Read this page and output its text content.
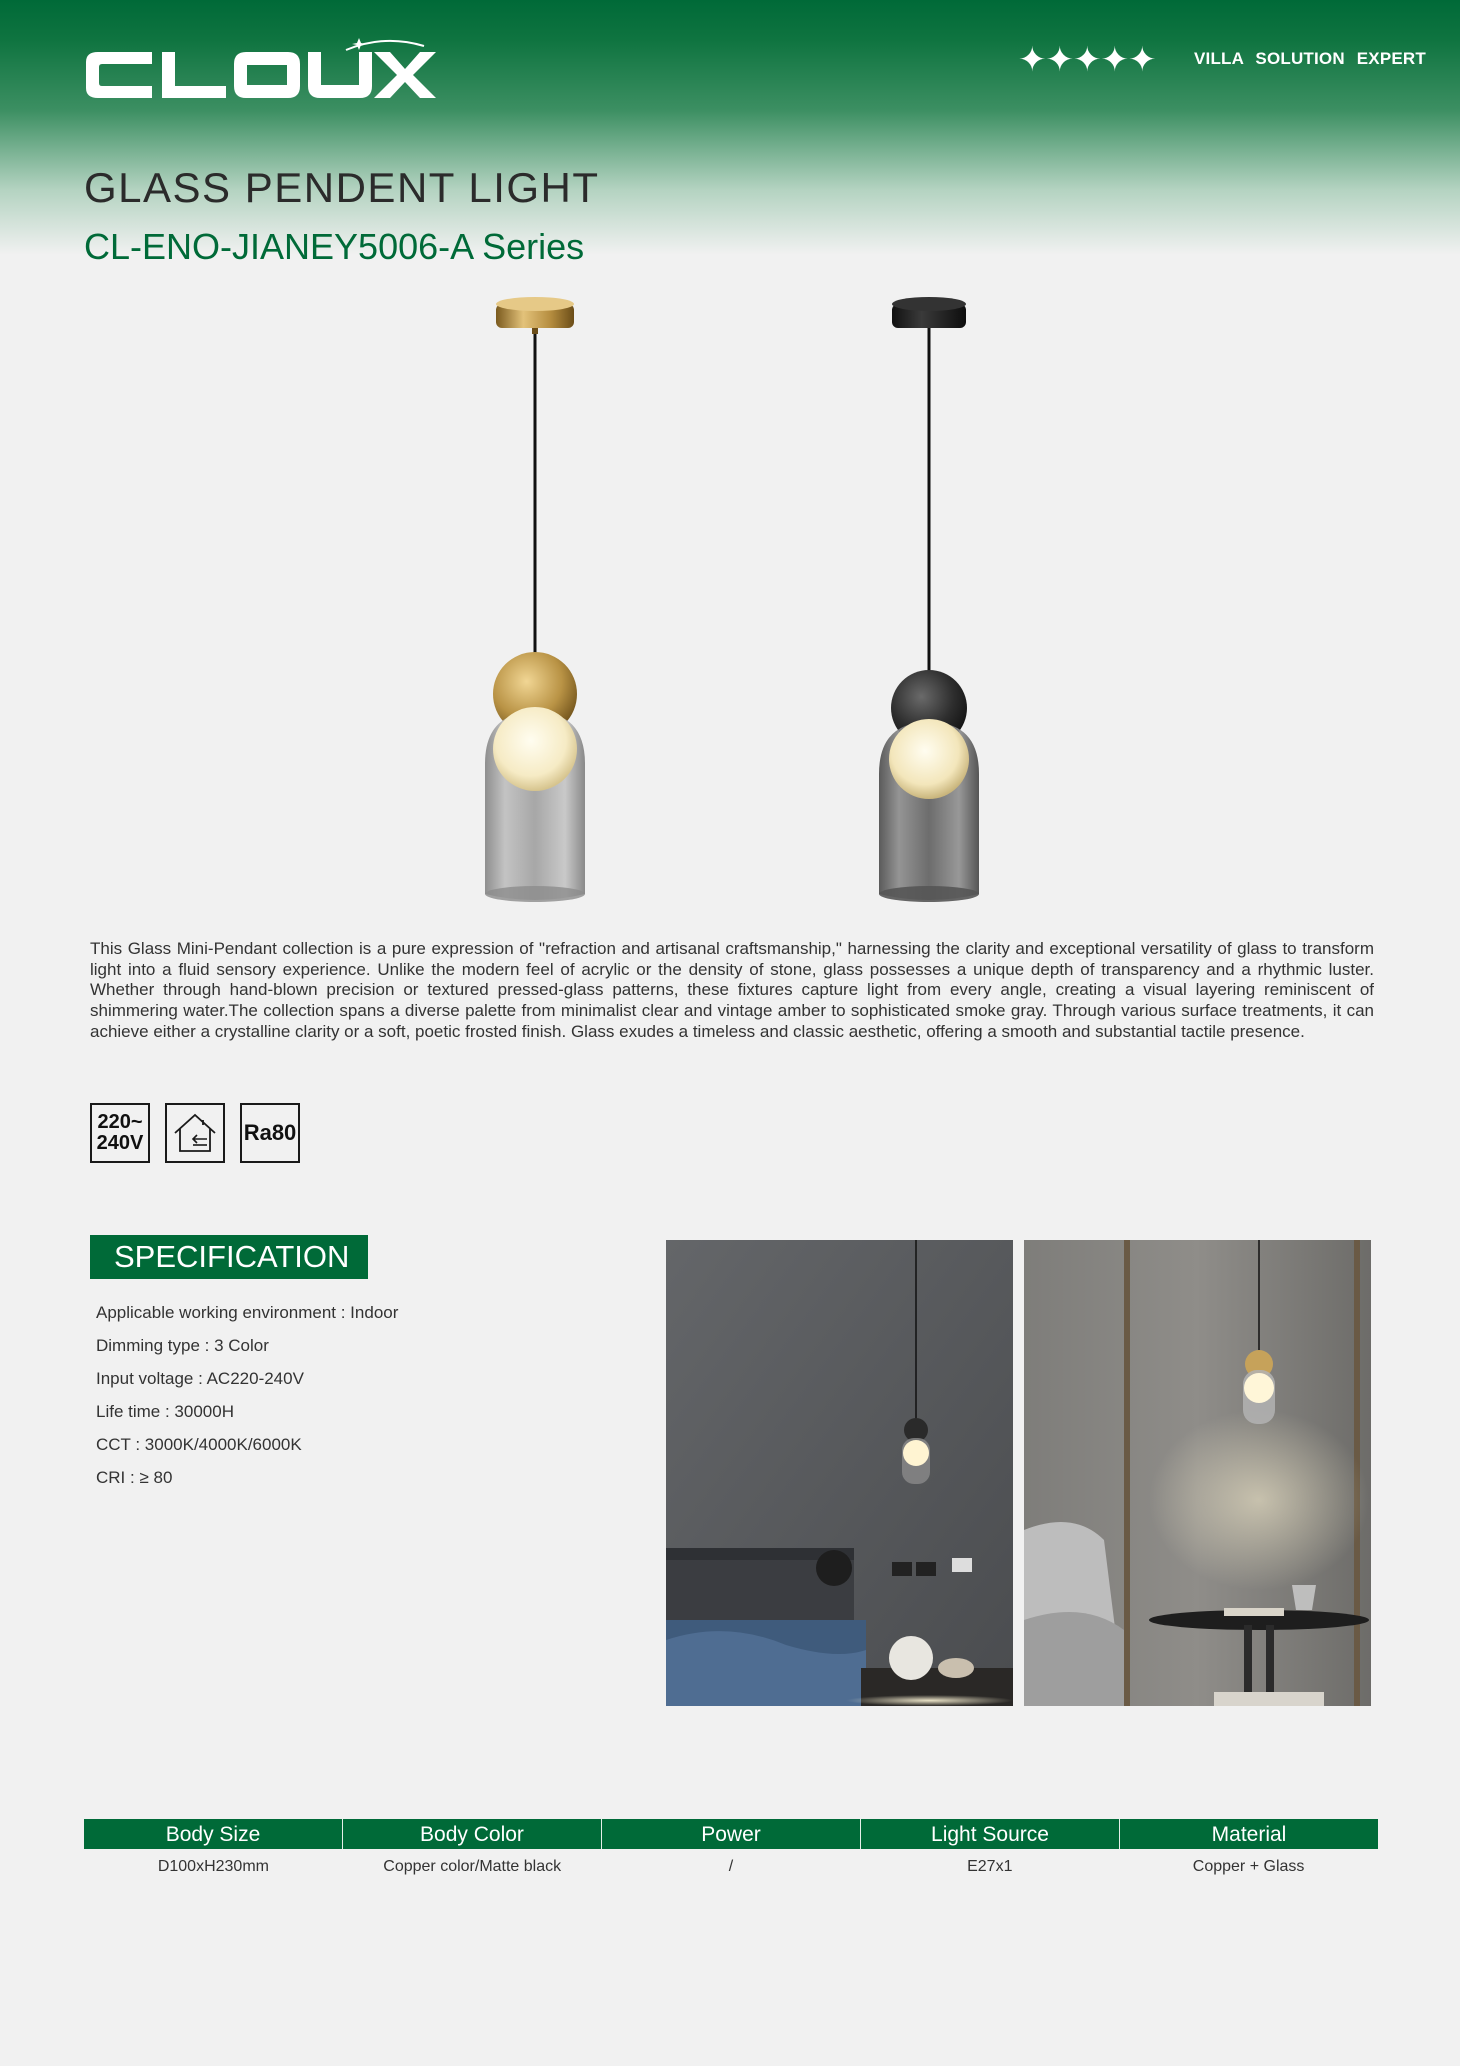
✦✦✦✦✦ VILLA SOLUTION EXPERT
GLASS PENDENT LIGHT
CL-ENO-JIANEY5006-A Series
This Glass Mini-Pendant collection is a pure expression of "refraction and artisanal craftsmanship," harnessing the clarity and exceptional versatility of glass to transform light into a fluid sensory experience. Unlike the modern feel of acrylic or the density of stone, glass possesses a unique depth of transparency and a rhythmic luster. Whether through hand-blown precision or textured pressed-glass patterns, these fixtures capture light from every angle, creating a visual layering reminiscent of shimmering water.The collection spans a diverse palette from minimalist clear and vintage amber to sophisticated smoke gray. Through various surface treatments, it can achieve either a crystalline clarity or a soft, poetic frosted finish. Glass exudes a timeless and classic aesthetic, offering a smooth and substantial tactile presence.
220~
240V	Ra80
SPECIFICATION
Applicable working environment : Indoor
Dimming type : 3 Color
Input voltage : AC220-240V
Life time : 30000H
CCT : 3000K/4000K/6000K
CRI : ≥ 80
Body Size	Body Color	Power	Light Source	Material
D100xH230mm	Copper color/Matte black	/	E27x1	Copper + Glass
